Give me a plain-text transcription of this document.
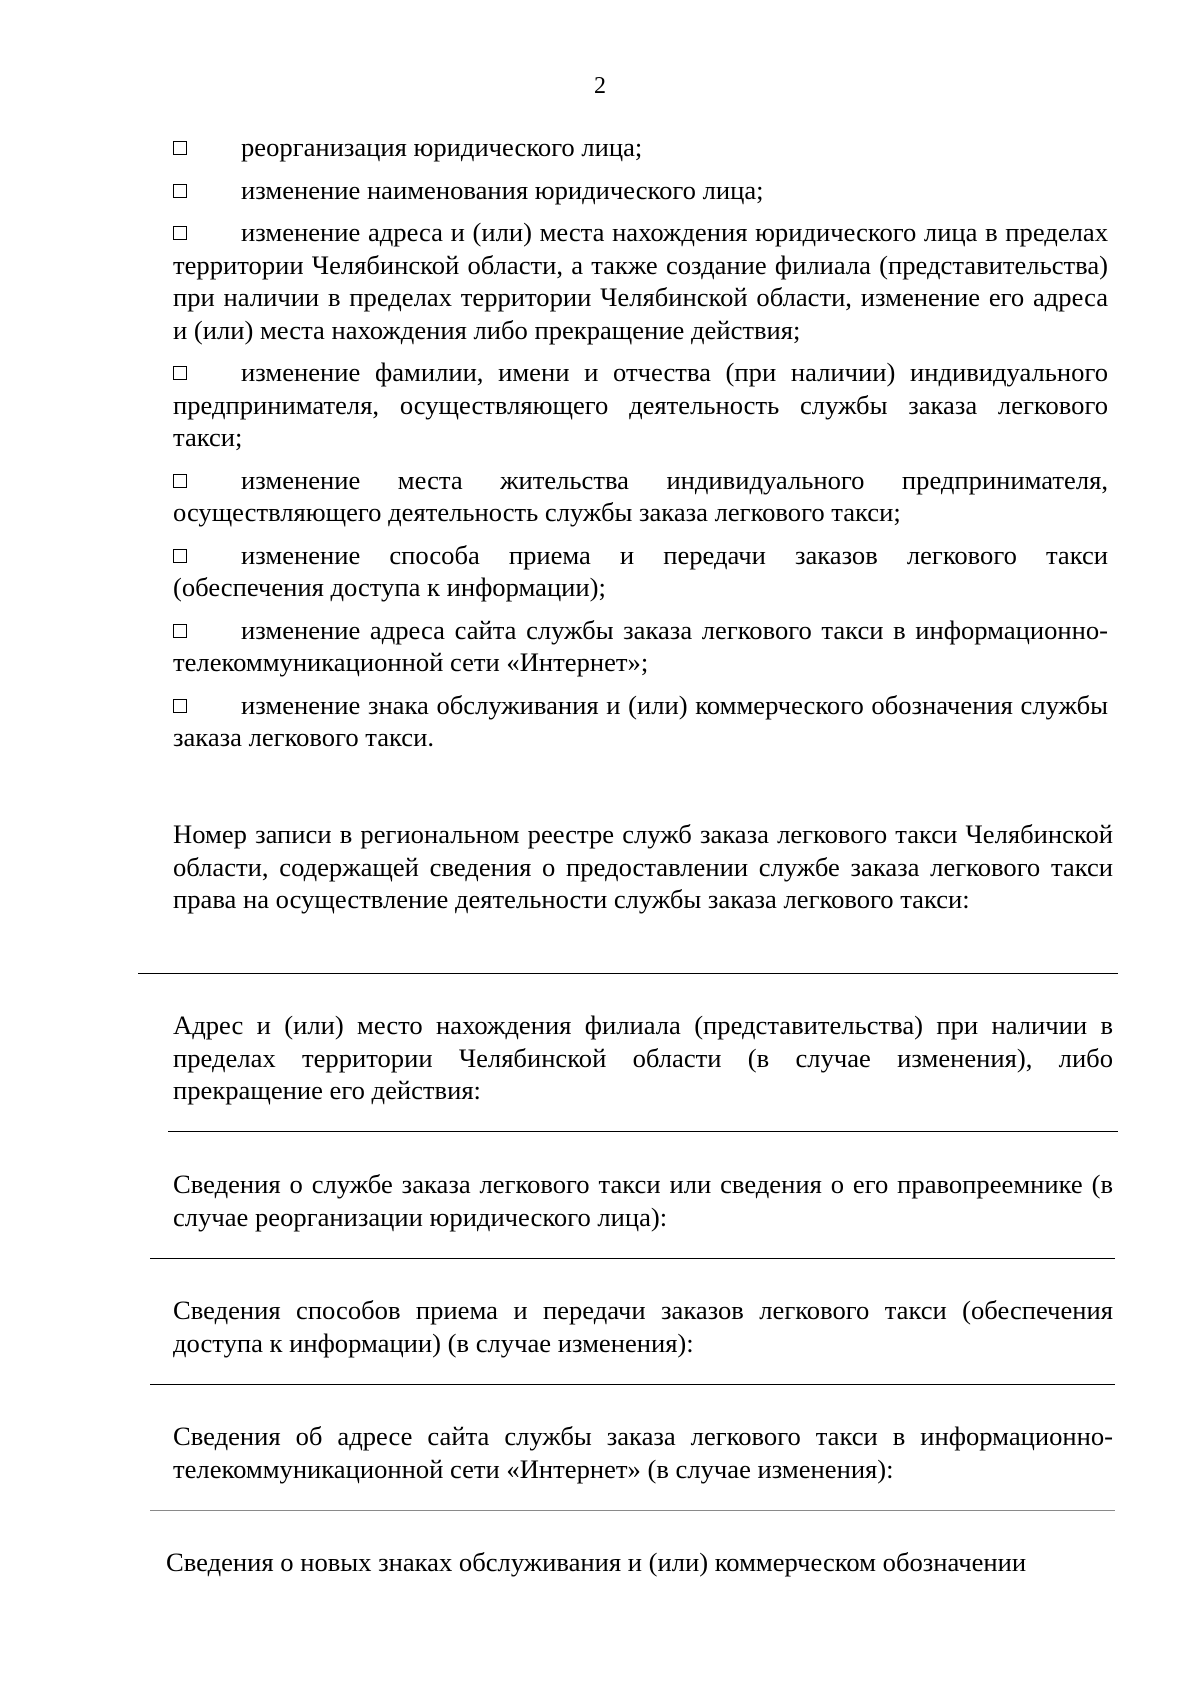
2

реорганизация юридического лица;

изменение наименования юридического лица;

изменение адреса и (или) места нахождения юридического лица в пределах территории Челябинской области, а также создание филиала (представительства) при наличии в пределах территории Челябинской области, изменение его адреса и (или) места нахождения либо прекращение действия;

изменение фамилии, имени и отчества (при наличии) индивидуального предпринимателя, осуществляющего деятельность службы заказа легкового такси;

изменение места жительства индивидуального предпринимателя, осуществляющего деятельность службы заказа легкового такси;

изменение способа приема и передачи заказов легкового такси (обеспечения доступа к информации);

изменение адреса сайта службы заказа легкового такси в информационно-телекоммуникационной сети «Интернет»;

изменение знака обслуживания и (или) коммерческого обозначения службы заказа легкового такси.

Номер записи в региональном реестре служб заказа легкового такси Челябинской области, содержащей сведения о предоставлении службе заказа легкового такси права на осуществление деятельности службы заказа легкового такси:

Адрес и (или) место нахождения филиала (представительства) при наличии в пределах территории Челябинской области (в случае изменения), либо прекращение его действия:

Сведения о службе заказа легкового такси или сведения о его правопреемнике (в случае реорганизации юридического лица):

Сведения способов приема и передачи заказов легкового такси (обеспечения доступа к информации) (в случае изменения):

Сведения об адресе сайта службы заказа легкового такси в информационно-телекоммуникационной сети «Интернет» (в случае изменения):

Сведения о новых знаках обслуживания и (или) коммерческом обозначении
